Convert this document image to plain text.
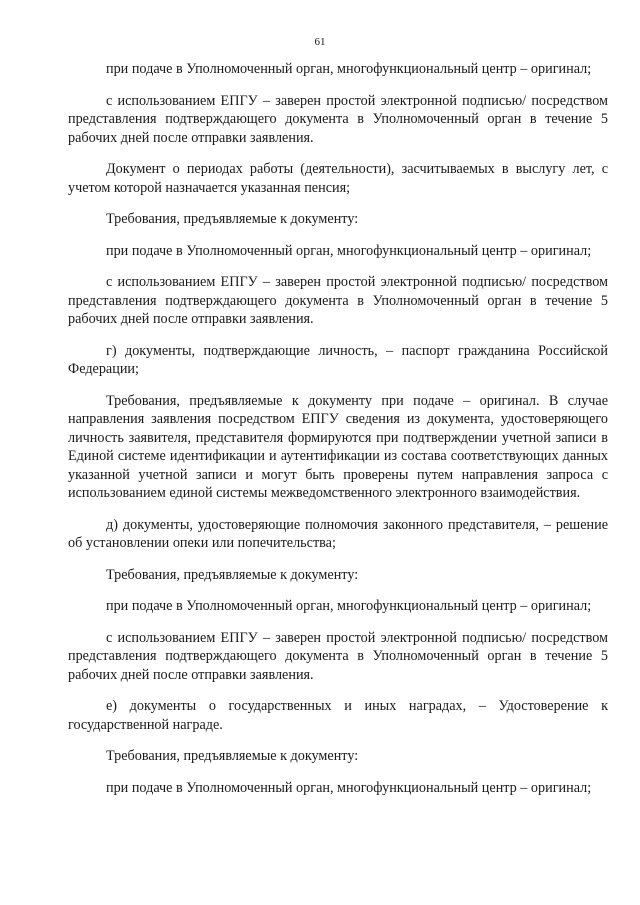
61

при подаче в Уполномоченный орган, многофункциональный центр – оригинал;

с использованием ЕПГУ – заверен простой электронной подписью/ посредством представления подтверждающего документа в Уполномоченный орган в течение 5 рабочих дней после отправки заявления.

Документ о периодах работы (деятельности), засчитываемых в выслугу лет, с учетом которой назначается указанная пенсия;

Требования, предъявляемые к документу:

при подаче в Уполномоченный орган, многофункциональный центр – оригинал;

с использованием ЕПГУ – заверен простой электронной подписью/ посредством представления подтверждающего документа в Уполномоченный орган в течение 5 рабочих дней после отправки заявления.

г) документы, подтверждающие личность, – паспорт гражданина Российской Федерации;

Требования, предъявляемые к документу при подаче – оригинал. В случае направления заявления посредством ЕПГУ сведения из документа, удостоверяющего личность заявителя, представителя формируются при подтверждении учетной записи в Единой системе идентификации и аутентификации из состава соответствующих данных указанной учетной записи и могут быть проверены путем направления запроса с использованием единой системы межведомственного электронного взаимодействия.

д) документы, удостоверяющие полномочия законного представителя, – решение об установлении опеки или попечительства;

Требования, предъявляемые к документу:

при подаче в Уполномоченный орган, многофункциональный центр – оригинал;

с использованием ЕПГУ – заверен простой электронной подписью/ посредством представления подтверждающего документа в Уполномоченный орган в течение 5 рабочих дней после отправки заявления.

е) документы о государственных и иных наградах, – Удостоверение к государственной награде.

Требования, предъявляемые к документу:

при подаче в Уполномоченный орган, многофункциональный центр – оригинал;
